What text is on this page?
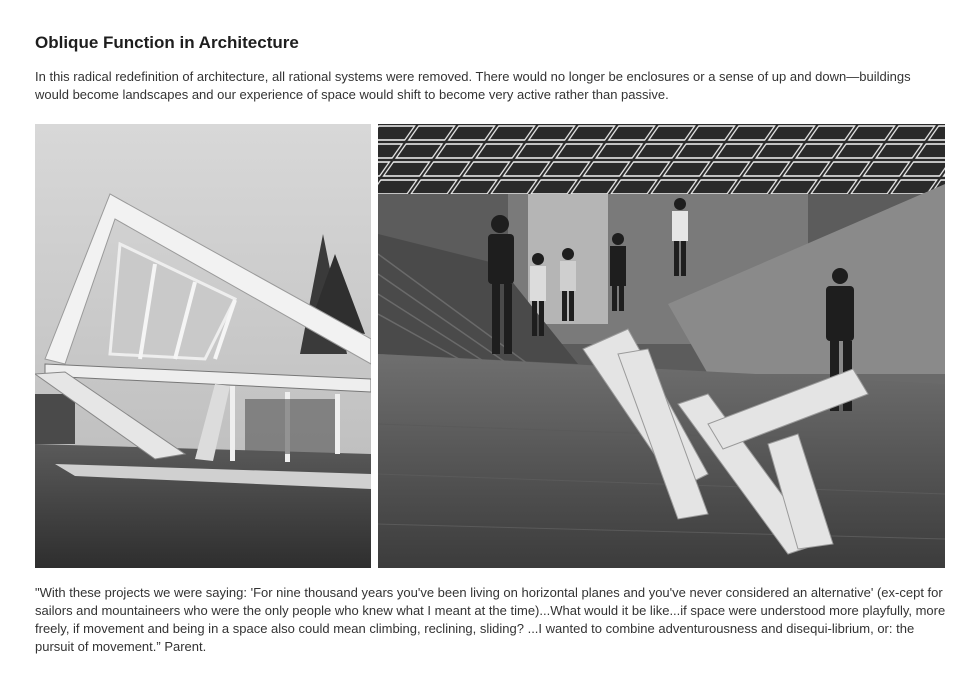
Oblique Function in Architecture

In this radical redefinition of architecture, all rational systems were removed. There would no longer be enclosures or a sense of up and down—buildings would become landscapes and our experience of space would shift to become very active rather than passive.

"With these projects we were saying: 'For nine thousand years you've been living on horizontal planes and you've never considered an alternative' (ex-cept for sailors and mountaineers who were the only people who knew what I meant at the time)...What would it be like...if space were understood more playfully, more freely, if movement and being in a space also could mean climbing, reclining, sliding? ...I wanted to combine adventurousness and disequi-librium, or: the pursuit of movement.” Parent.
